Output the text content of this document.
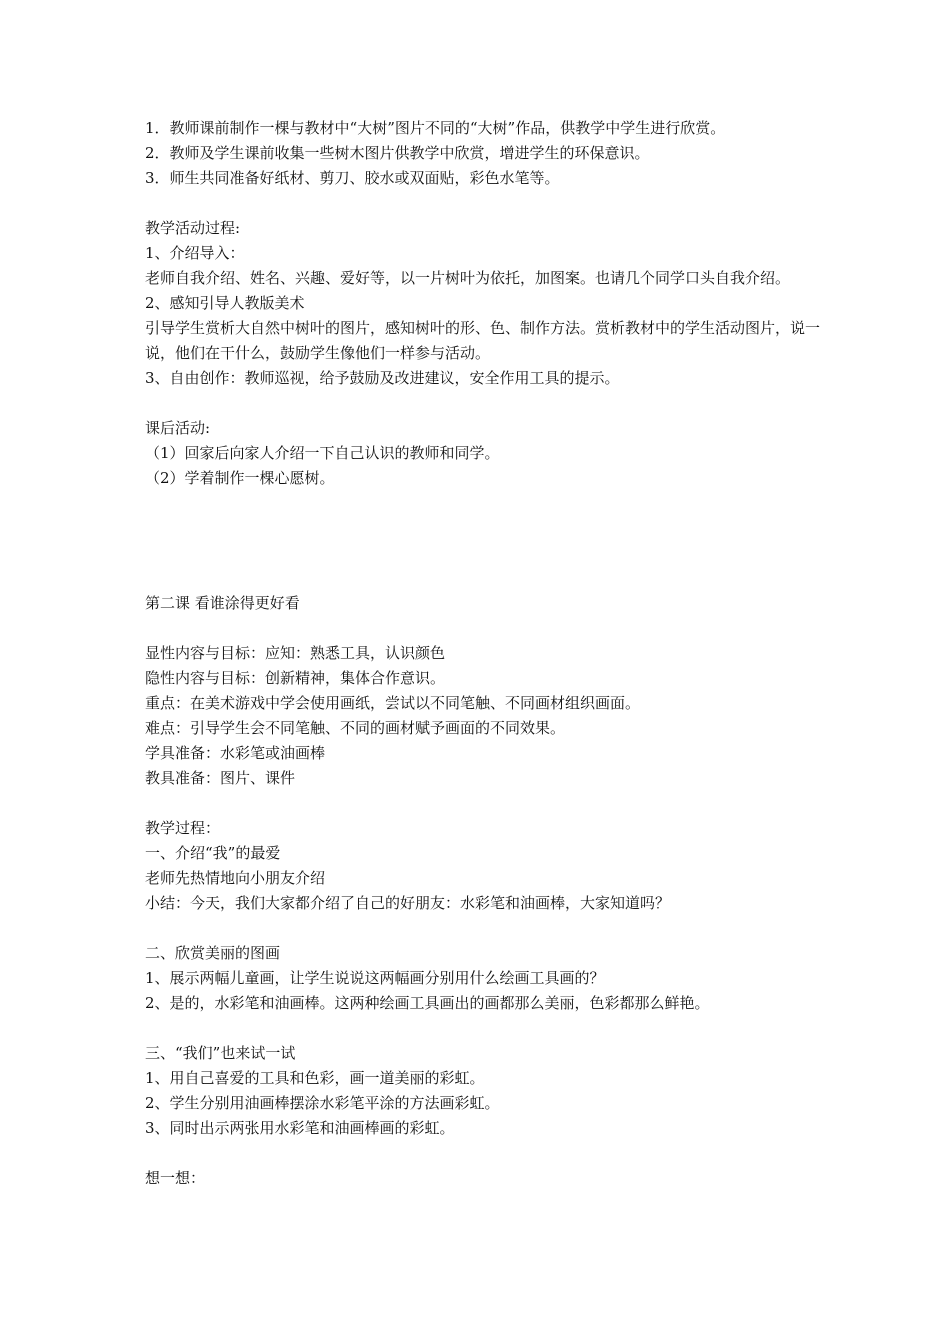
1．教师课前制作一棵与教材中“大树”图片不同的“大树”作品，供教学中学生进行欣赏。
2．教师及学生课前收集一些树木图片供教学中欣赏，增进学生的环保意识。
3．师生共同准备好纸材、剪刀、胶水或双面贴，彩色水笔等。
教学活动过程:
1、介绍导入：
老师自我介绍、姓名、兴趣、爱好等，以一片树叶为依托，加图案。也请几个同学口头自我介绍。
2、感知引导人教版美术
引导学生赏析大自然中树叶的图片，感知树叶的形、色、制作方法。赏析教材中的学生活动图片，说一说，他们在干什么，鼓励学生像他们一样参与活动。
3、自由创作：教师巡视，给予鼓励及改进建议，安全作用工具的提示。
课后活动:
（1）回家后向家人介绍一下自己认识的教师和同学。
（2）学着制作一棵心愿树。
第二课 看谁涂得更好看
显性内容与目标：应知：熟悉工具，认识颜色
隐性内容与目标：创新精神，集体合作意识。
重点：在美术游戏中学会使用画纸，尝试以不同笔触、不同画材组织画面。
难点：引导学生会不同笔触、不同的画材赋予画面的不同效果。
学具准备：水彩笔或油画棒
教具准备：图片、课件
教学过程：
一、介绍“我”的最爱
老师先热情地向小朋友介绍
小结：今天，我们大家都介绍了自己的好朋友：水彩笔和油画棒，大家知道吗？
二、欣赏美丽的图画
1、展示两幅儿童画，让学生说说这两幅画分别用什么绘画工具画的？
2、是的，水彩笔和油画棒。这两种绘画工具画出的画都那么美丽，色彩都那么鲜艳。
三、“我们”也来试一试
1、用自己喜爱的工具和色彩，画一道美丽的彩虹。
2、学生分别用油画棒摆涂水彩笔平涂的方法画彩虹。
3、同时出示两张用水彩笔和油画棒画的彩虹。
想一想：
